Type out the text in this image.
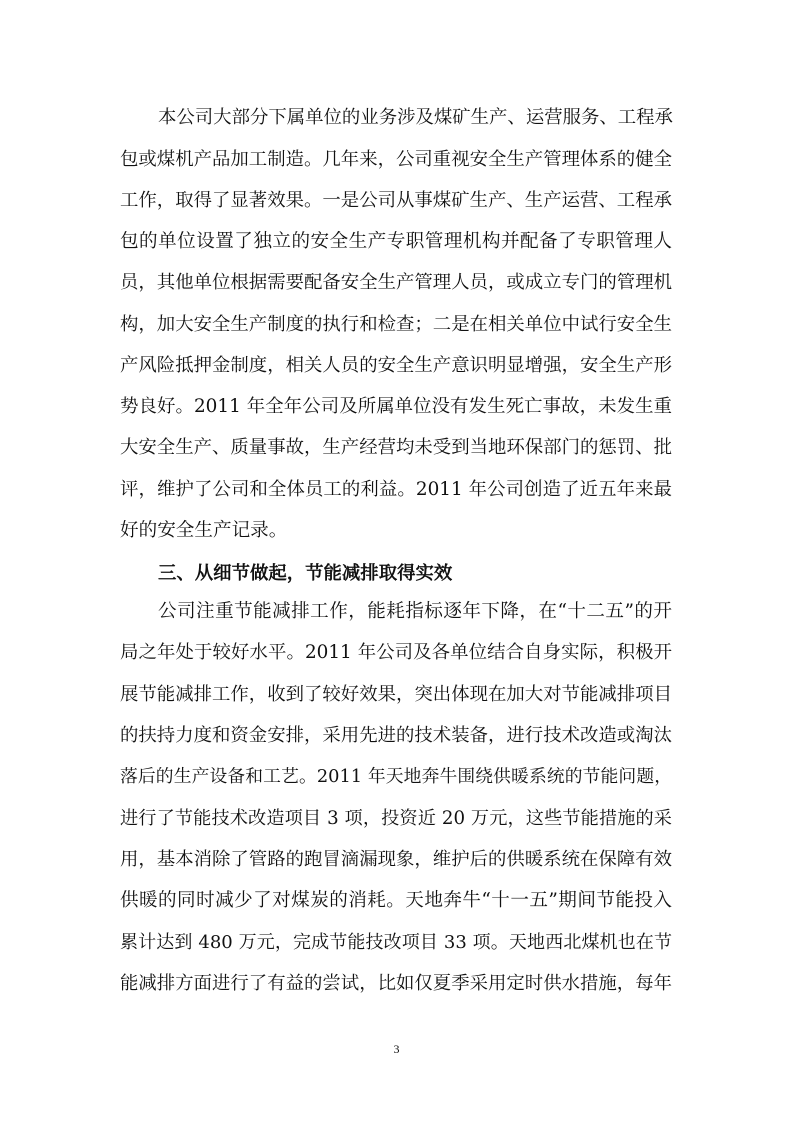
本公司大部分下属单位的业务涉及煤矿生产、运营服务、工程承
包或煤机产品加工制造。几年来，公司重视安全生产管理体系的健全
工作，取得了显著效果。一是公司从事煤矿生产、生产运营、工程承
包的单位设置了独立的安全生产专职管理机构并配备了专职管理人
员，其他单位根据需要配备安全生产管理人员，或成立专门的管理机
构，加大安全生产制度的执行和检查；二是在相关单位中试行安全生
产风险抵押金制度，相关人员的安全生产意识明显增强，安全生产形
势良好。2011 年全年公司及所属单位没有发生死亡事故，未发生重
大安全生产、质量事故，生产经营均未受到当地环保部门的惩罚、批
评，维护了公司和全体员工的利益。2011 年公司创造了近五年来最
好的安全生产记录。
三、从细节做起，节能减排取得实效
公司注重节能减排工作，能耗指标逐年下降，在“十二五”的开
局之年处于较好水平。2011 年公司及各单位结合自身实际，积极开
展节能减排工作，收到了较好效果，突出体现在加大对节能减排项目
的扶持力度和资金安排，采用先进的技术装备，进行技术改造或淘汰
落后的生产设备和工艺。2011 年天地奔牛围绕供暖系统的节能问题，
进行了节能技术改造项目 3 项，投资近 20 万元，这些节能措施的采
用，基本消除了管路的跑冒滴漏现象，维护后的供暖系统在保障有效
供暖的同时减少了对煤炭的消耗。天地奔牛“十一五”期间节能投入
累计达到 480 万元，完成节能技改项目 33 项。天地西北煤机也在节
能减排方面进行了有益的尝试，比如仅夏季采用定时供水措施，每年
3
